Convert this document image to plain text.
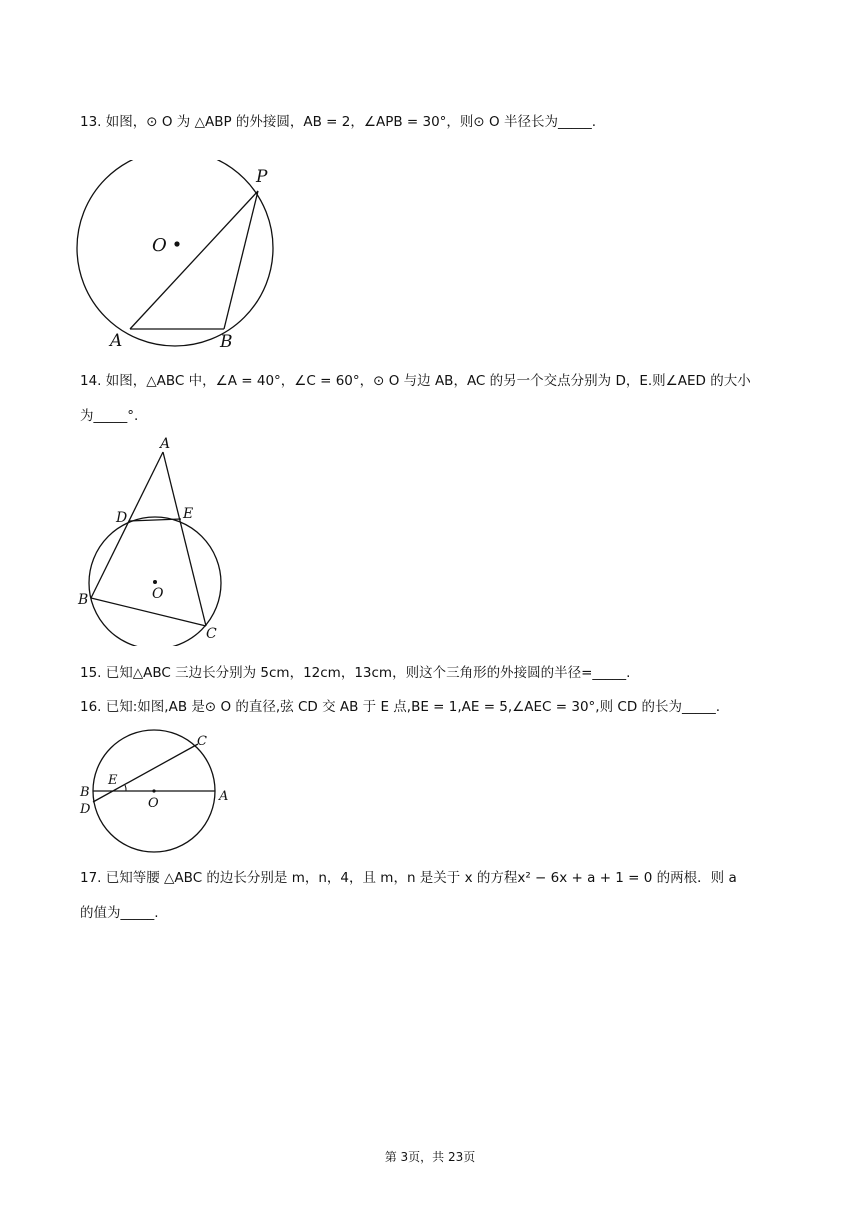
13. 如图，⊙ O 为 △ABP 的外接圆，AB = 2，∠APB = 30°，则⊙ O 半径长为_____.
P
O
A	B
14. 如图，△ABC 中，∠A = 40°，∠C = 60°，⊙ O 与边 AB，AC 的另一个交点分别为 D，E.则∠AED 的大小
为_____°.
A
D	E
O
B
C
15. 已知△ABC 三边长分别为 5cm，12cm，13cm，则这个三角形的外接圆的半径=_____.
16. 已知:如图,AB 是⊙ O 的直径,弦 CD 交 AB 于 E 点,BE = 1,AE = 5,∠AEC = 30°,则 CD 的长为_____.
C
E
B
D	O	A
17. 已知等腰 △ABC 的边长分别是 m，n，4，且 m，n 是关于 x 的方程x² − 6x + a + 1 = 0 的两根．则 a
的值为_____.
第 3页，共 23页
